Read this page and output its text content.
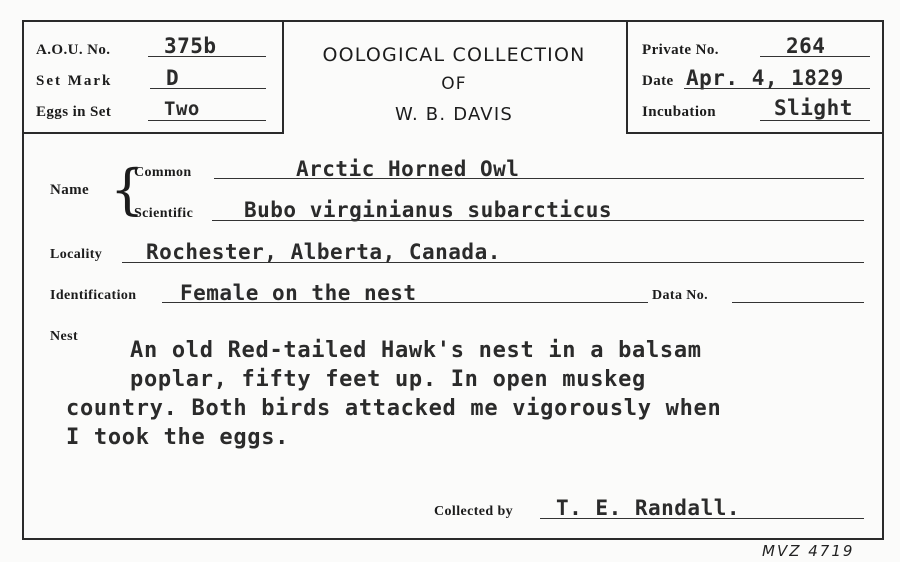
A.O.U. No.	375b
Set Mark	D
Eggs in Set	Two
OOLOGICAL COLLECTION
OF
W. B. DAVIS
Private No.	264
Date Apr. 4, 1829
Incubation	Slight
Name {
Common	Arctic Horned Owl
Scientific Bubo virginianus subarcticus
Locality Rochester, Alberta, Canada.
Identification Female on the nest	Data No.
Nest
An old Red-tailed Hawk's nest in a balsam
poplar, fifty feet up. In open muskeg
country. Both birds attacked me vigorously when
I took the eggs.
Collected by T. E. Randall.
MVZ 4719
